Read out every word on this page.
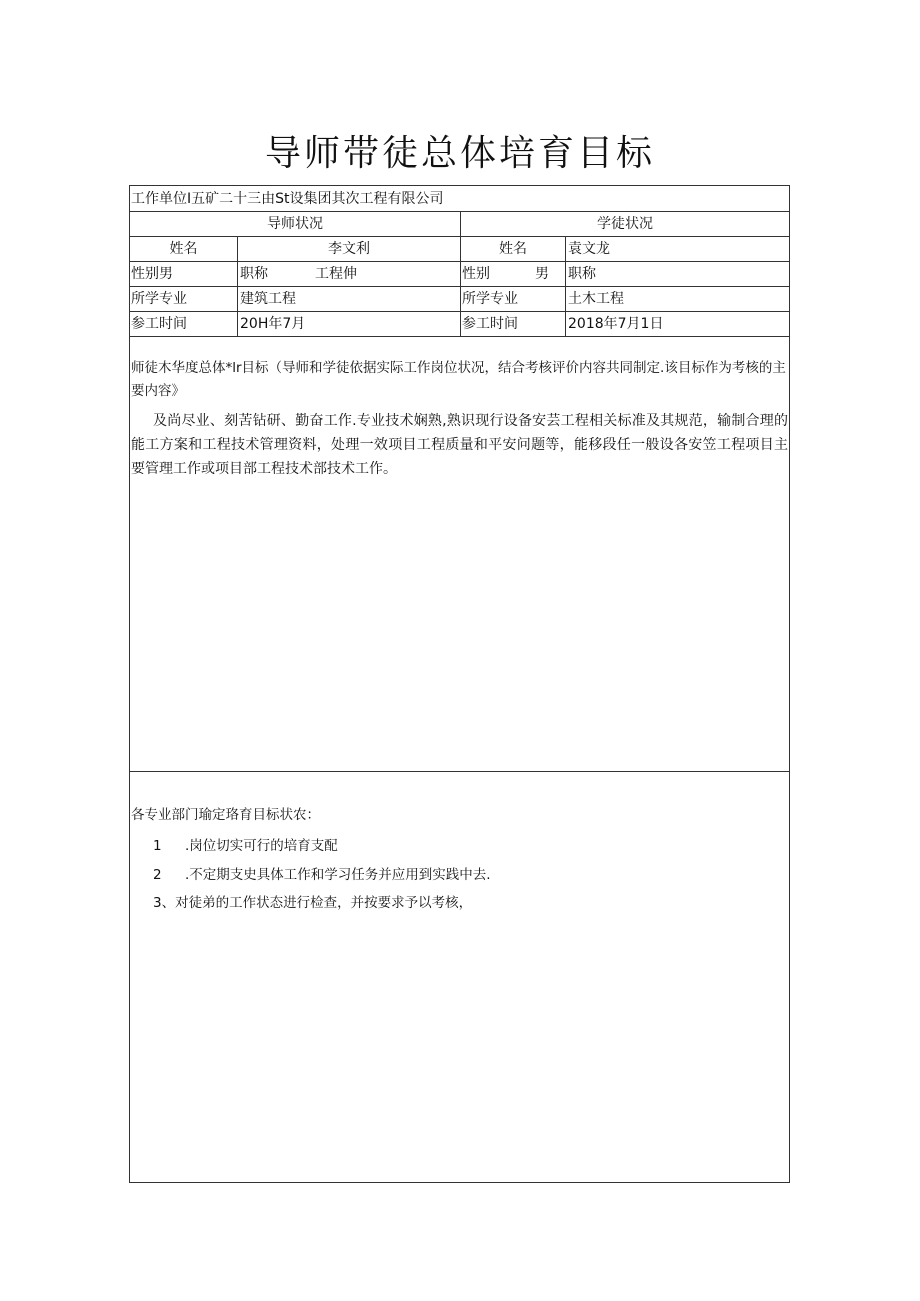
导师带徒总体培育目标
工作单位I五矿二十三由St设集团其次工程有限公司
导师状况	学徒状况
姓名	李文利	姓名	袁文龙
性别男	职称	工程伸	性别	男	职称
所学专业	建筑工程	所学专业	土木工程
参工时间	20H年7月	参工时间	2018年7月1日
师徒木华度总体*lr目标（导师和学徒依据实际工作岗位状况，结合考核评价内容共同制定.该目标作为考核的主要内容》
及尚尽业、刻苦钻研、勤奋工作.专业技术娴熟,熟识现行设备安芸工程相关标准及其规范，输制合理的能工方案和工程技术管理资料，处理一效项目工程质量和平安问题等，能移段任一般设各安笠工程项目主要管理工作或项目部工程技术部技术工作。
各专业部门瑜定珞育目标状农：
1 .岗位切实可行的培育支配
2 .不定期支史具体工作和学习任务并应用到实践中去.
3、对徒弟的工作状态进行检查，并按要求予以考核，
